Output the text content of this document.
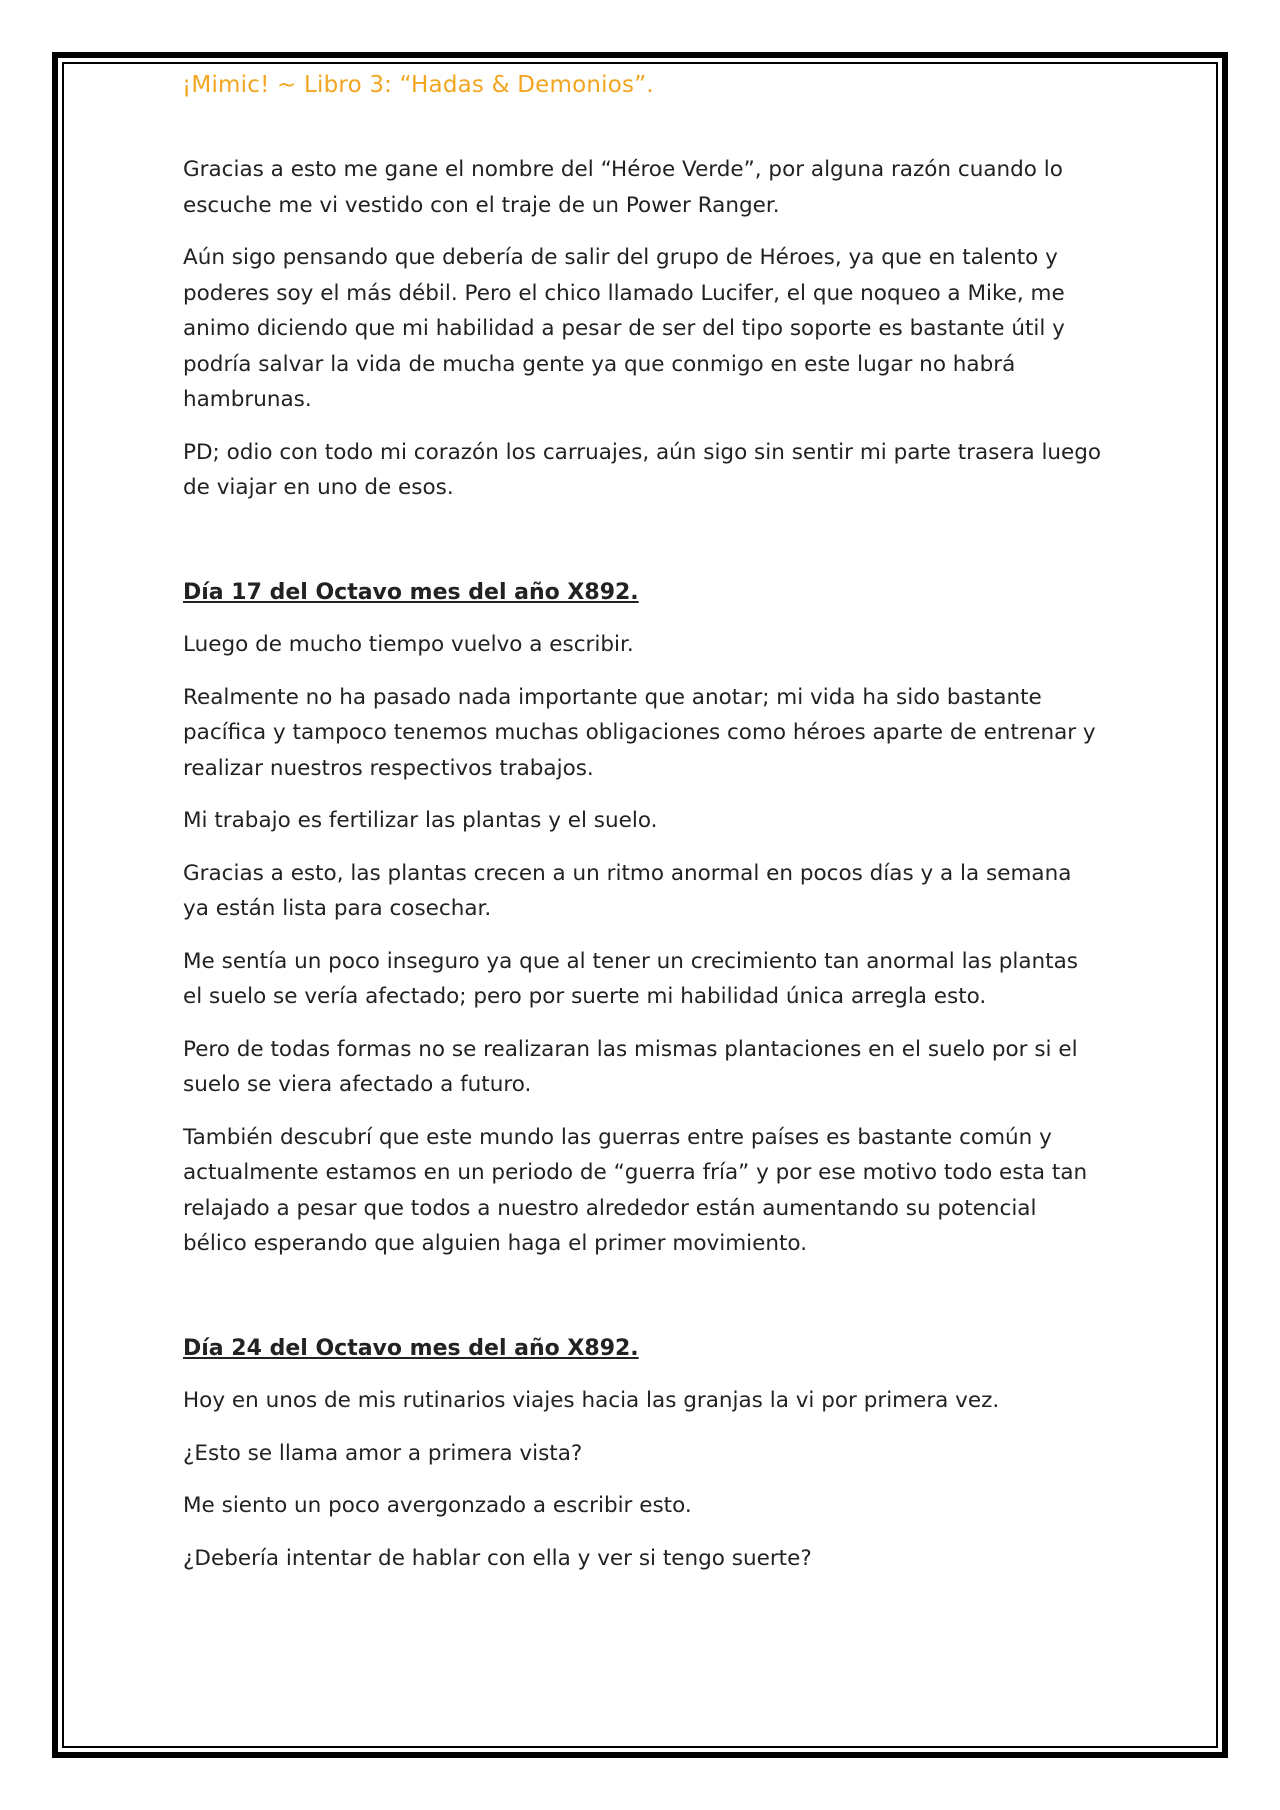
¡Mimic! ~ Libro 3: “Hadas & Demonios”.

Gracias a esto me gane el nombre del “Héroe Verde”, por alguna razón cuando lo escuche me vi vestido con el traje de un Power Ranger.

Aún sigo pensando que debería de salir del grupo de Héroes, ya que en talento y poderes soy el más débil. Pero el chico llamado Lucifer, el que noqueo a Mike, me animo diciendo que mi habilidad a pesar de ser del tipo soporte es bastante útil y podría salvar la vida de mucha gente ya que conmigo en este lugar no habrá hambrunas.

PD; odio con todo mi corazón los carruajes, aún sigo sin sentir mi parte trasera luego de viajar en uno de esos.

Día 17 del Octavo mes del año X892.

Luego de mucho tiempo vuelvo a escribir.

Realmente no ha pasado nada importante que anotar; mi vida ha sido bastante pacífica y tampoco tenemos muchas obligaciones como héroes aparte de entrenar y realizar nuestros respectivos trabajos.

Mi trabajo es fertilizar las plantas y el suelo.

Gracias a esto, las plantas crecen a un ritmo anormal en pocos días y a la semana ya están lista para cosechar.

Me sentía un poco inseguro ya que al tener un crecimiento tan anormal las plantas el suelo se vería afectado; pero por suerte mi habilidad única arregla esto.

Pero de todas formas no se realizaran las mismas plantaciones en el suelo por si el suelo se viera afectado a futuro.

También descubrí que este mundo las guerras entre países es bastante común y actualmente estamos en un periodo de “guerra fría” y por ese motivo todo esta tan relajado a pesar que todos a nuestro alrededor están aumentando su potencial bélico esperando que alguien haga el primer movimiento.

Día 24 del Octavo mes del año X892.

Hoy en unos de mis rutinarios viajes hacia las granjas la vi por primera vez.

¿Esto se llama amor a primera vista?

Me siento un poco avergonzado a escribir esto.

¿Debería intentar de hablar con ella y ver si tengo suerte?
